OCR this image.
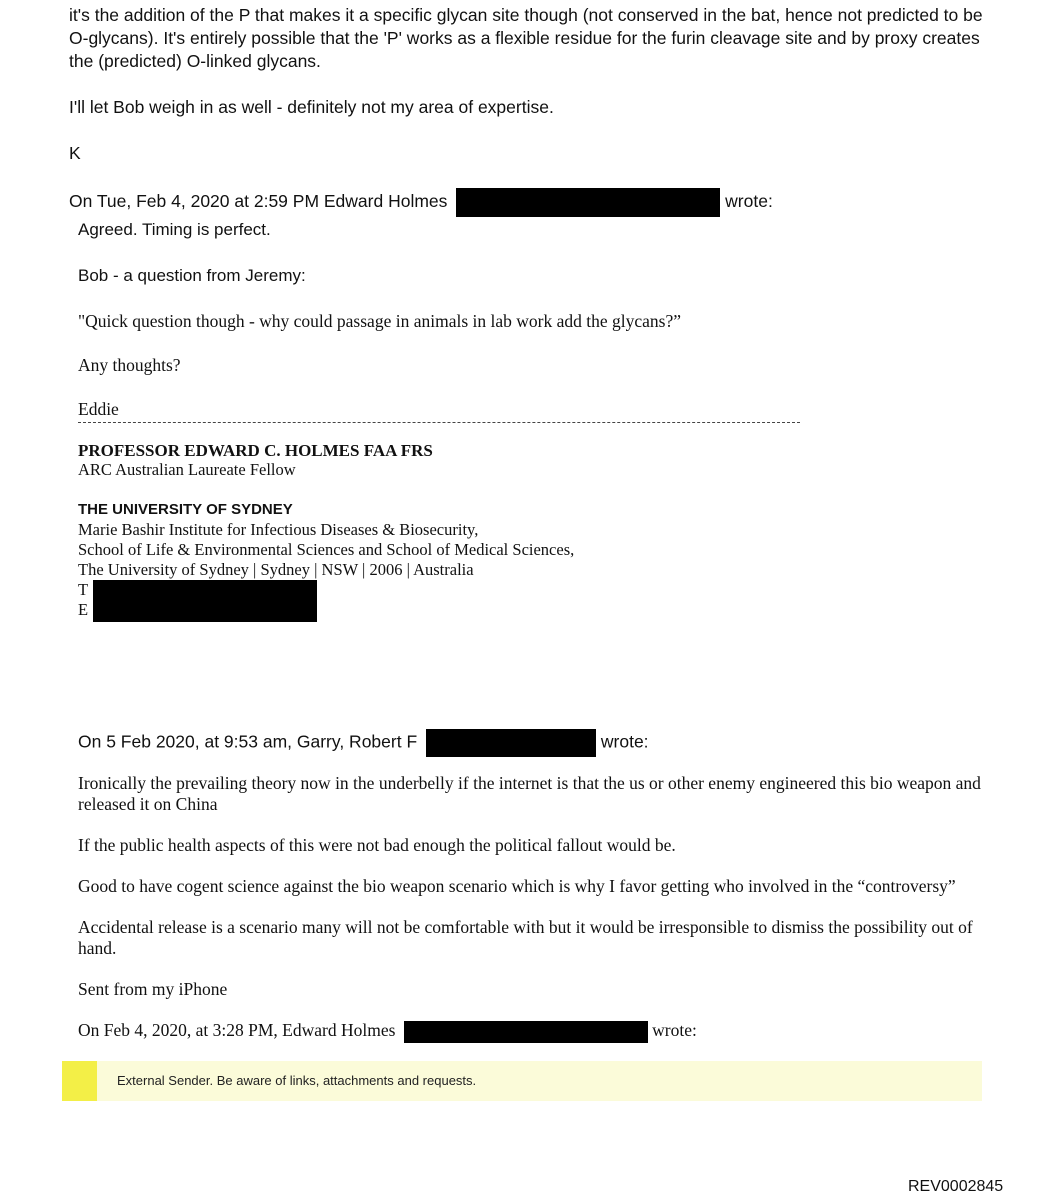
it's the addition of the P that makes it a specific glycan site though (not conserved in the bat, hence not predicted to be
O-glycans). It's entirely possible that the 'P' works as a flexible residue for the furin cleavage site and by proxy creates
the (predicted) O-linked glycans.
I'll let Bob weigh in as well - definitely not my area of expertise.
K
On Tue, Feb 4, 2020 at 2:59 PM Edward Holmes	wrote:
Agreed. Timing is perfect.
Bob - a question from Jeremy:
"Quick question though - why could passage in animals in lab work add the glycans?”
Any thoughts?
Eddie
PROFESSOR EDWARD C. HOLMES FAA FRS
ARC Australian Laureate Fellow
THE UNIVERSITY OF SYDNEY
Marie Bashir Institute for Infectious Diseases & Biosecurity,
School of Life & Environmental Sciences and School of Medical Sciences,
The University of Sydney | Sydney | NSW | 2006 | Australia
T
E
On 5 Feb 2020, at 9:53 am, Garry, Robert F	wrote:
Ironically the prevailing theory now in the underbelly if the internet is that the us or other enemy engineered this bio weapon and released it on China
If the public health aspects of this were not bad enough the political fallout would be.
Good to have cogent science against the bio weapon scenario which is why I favor getting who involved in the “controversy”
Accidental release is a scenario many will not be comfortable with but it would be irresponsible to dismiss the possibility out of hand.
Sent from my iPhone
On Feb 4, 2020, at 3:28 PM, Edward Holmes	wrote:
External Sender. Be aware of links, attachments and requests.
REV0002845
